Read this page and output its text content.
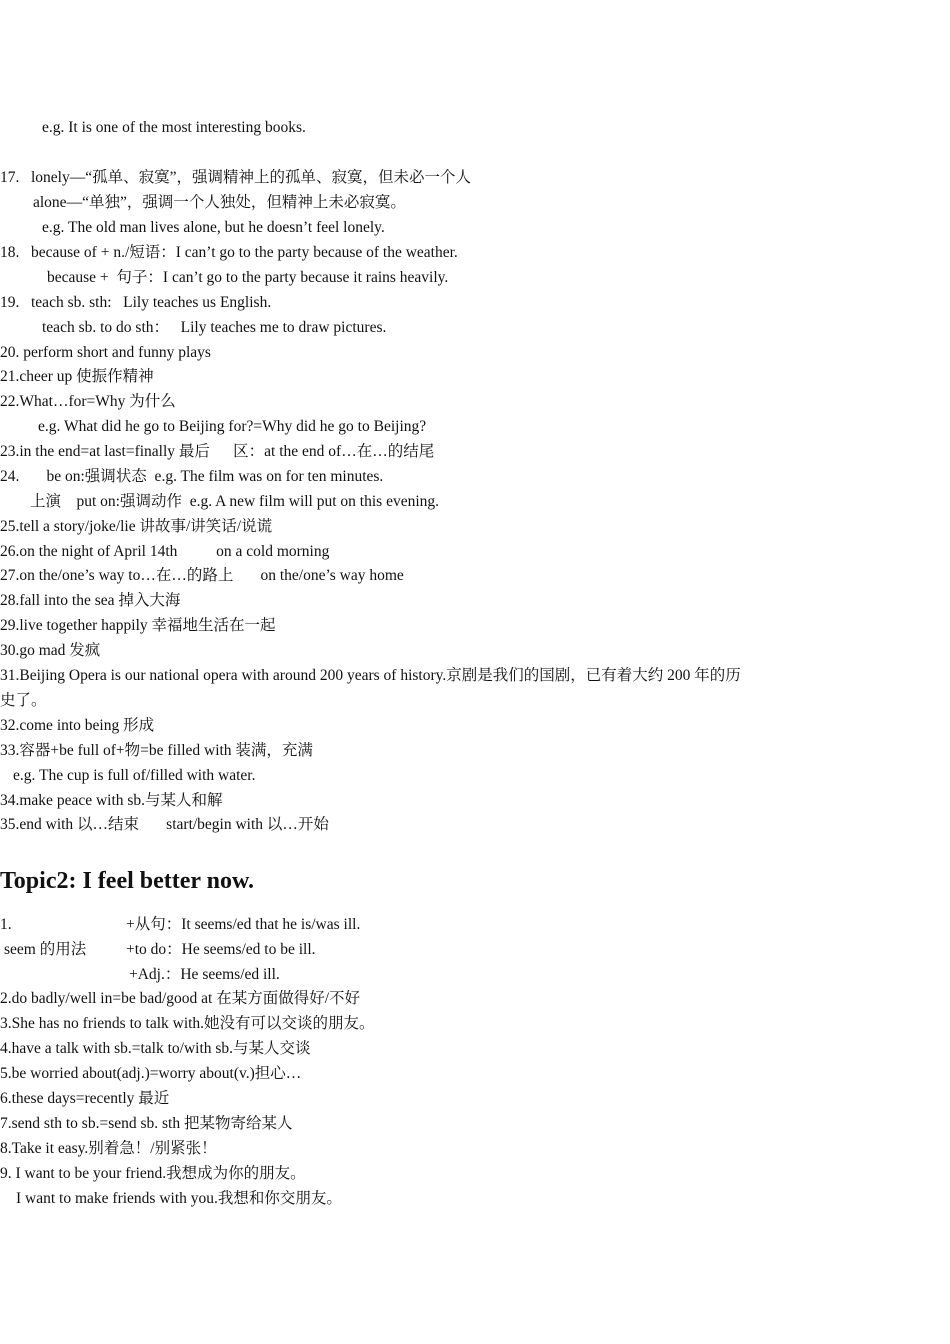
e.g. It is one of the most interesting books.
17.   lonely—“孤单、寂寞”，强调精神上的孤单、寂寞，但未必一个人
alone—“单独”，强调一个人独处，但精神上未必寂寞。
e.g. The old man lives alone, but he doesn’t feel lonely.
18.   because of + n./短语：I can’t go to the party because of the weather.
because +  句子：I can’t go to the party because it rains heavily.
19.   teach sb. sth:   Lily teaches us English.
teach sb. to do sth：   Lily teaches me to draw pictures.
20. perform short and funny plays
21.cheer up 使振作精神
22.What…for=Why 为什么
e.g. What did he go to Beijing for?=Why did he go to Beijing?
23.in the end=at last=finally 最后      区：at the end of…在…的结尾
24.       be on:强调状态  e.g. The film was on for ten minutes.
上演    put on:强调动作  e.g. A new film will put on this evening.
25.tell a story/joke/lie 讲故事/讲笑话/说谎
26.on the night of April 14th          on a cold morning
27.on the/one’s way to…在…的路上       on the/one’s way home
28.fall into the sea 掉入大海
29.live together happily 幸福地生活在一起
30.go mad 发疯
31.Beijing Opera is our national opera with around 200 years of history.京剧是我们的国剧，已有着大约 200 年的历
史了。
32.come into being 形成
33.容器+be full of+物=be filled with 装满，充满
e.g. The cup is full of/filled with water.
34.make peace with sb.与某人和解
35.end with 以…结束       start/begin with 以…开始
Topic2: I feel better now.
1.	+从句：It seems/ed that he is/was ill.
seem 的用法	+to do：He seems/ed to be ill.
+Adj.：He seems/ed ill.
2.do badly/well in=be bad/good at 在某方面做得好/不好
3.She has no friends to talk with.她没有可以交谈的朋友。
4.have a talk with sb.=talk to/with sb.与某人交谈
5.be worried about(adj.)=worry about(v.)担心…
6.these days=recently 最近
7.send sth to sb.=send sb. sth 把某物寄给某人
8.Take it easy.别着急！/别紧张！
9. I want to be your friend.我想成为你的朋友。
I want to make friends with you.我想和你交朋友。
